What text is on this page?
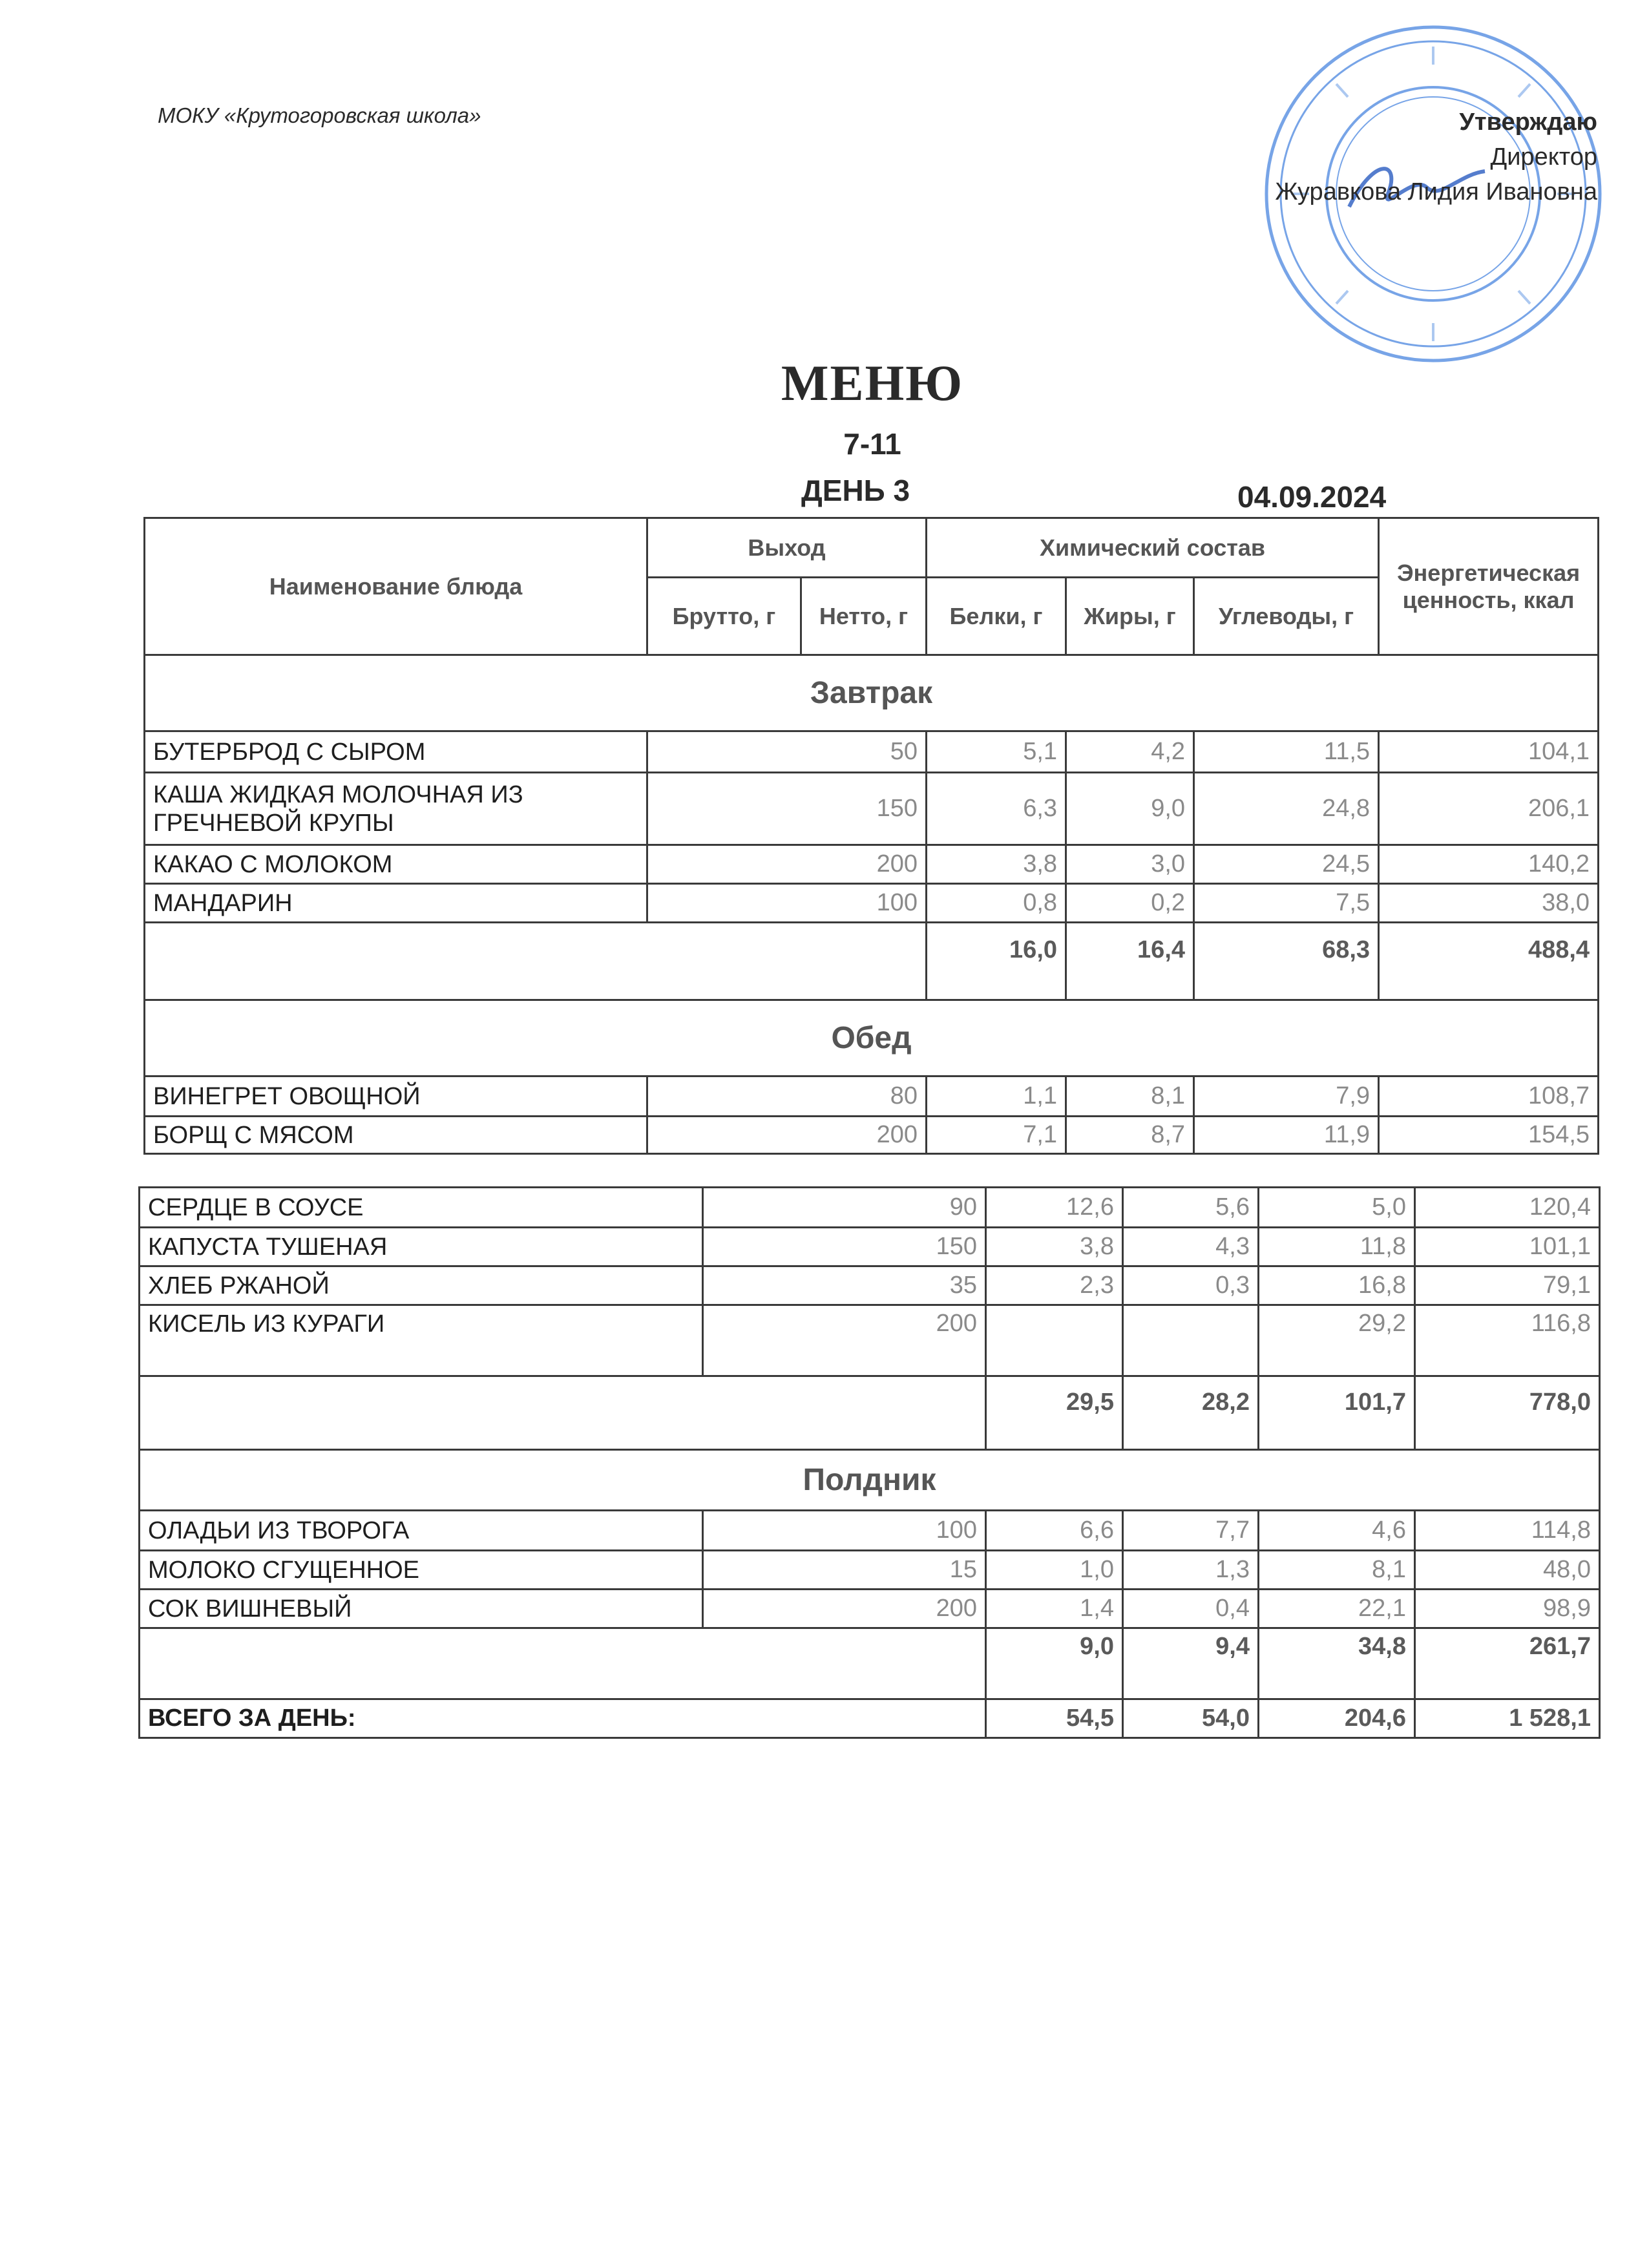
МОКУ «Крутогоровская школа»	Утверждаю
Директор
Журавкова Лидия Ивановна
МЕНЮ
7-11
ДЕНЬ 3	04.09.2024
Наименование блюда	Выход		Химический состав			Энергетическая ценность, ккал
	Брутто, г	Нетто, г	Белки, г	Жиры, г	Углеводы, г	
Завтрак						
БУТЕРБРОД С СЫРОМ	50		5,1	4,2	11,5	104,1
КАША ЖИДКАЯ МОЛОЧНАЯ ИЗ ГРЕЧНЕВОЙ КРУПЫ	150		6,3	9,0	24,8	206,1
КАКАО С МОЛОКОМ	200		3,8	3,0	24,5	140,2
МАНДАРИН	100		0,8	0,2	7,5	38,0
			16,0	16,4	68,3	488,4
Обед						
ВИНЕГРЕТ ОВОЩНОЙ	80		1,1	8,1	7,9	108,7
БОРЩ С МЯСОМ	200		7,1	8,7	11,9	154,5
СЕРДЦЕ В СОУСЕ	90	12,6	5,6	5,0	120,4
КАПУСТА ТУШЕНАЯ	150	3,8	4,3	11,8	101,1
ХЛЕБ РЖАНОЙ	35	2,3	0,3	16,8	79,1
КИСЕЛЬ ИЗ КУРАГИ	200			29,2	116,8
		29,5	28,2	101,7	778,0
Полдник					
ОЛАДЬИ ИЗ ТВОРОГА	100	6,6	7,7	4,6	114,8
МОЛОКО СГУЩЕННОЕ	15	1,0	1,3	8,1	48,0
СОК ВИШНЕВЫЙ	200	1,4	0,4	22,1	98,9
		9,0	9,4	34,8	261,7
ВСЕГО ЗА ДЕНЬ:		54,5	54,0	204,6	1 528,1
